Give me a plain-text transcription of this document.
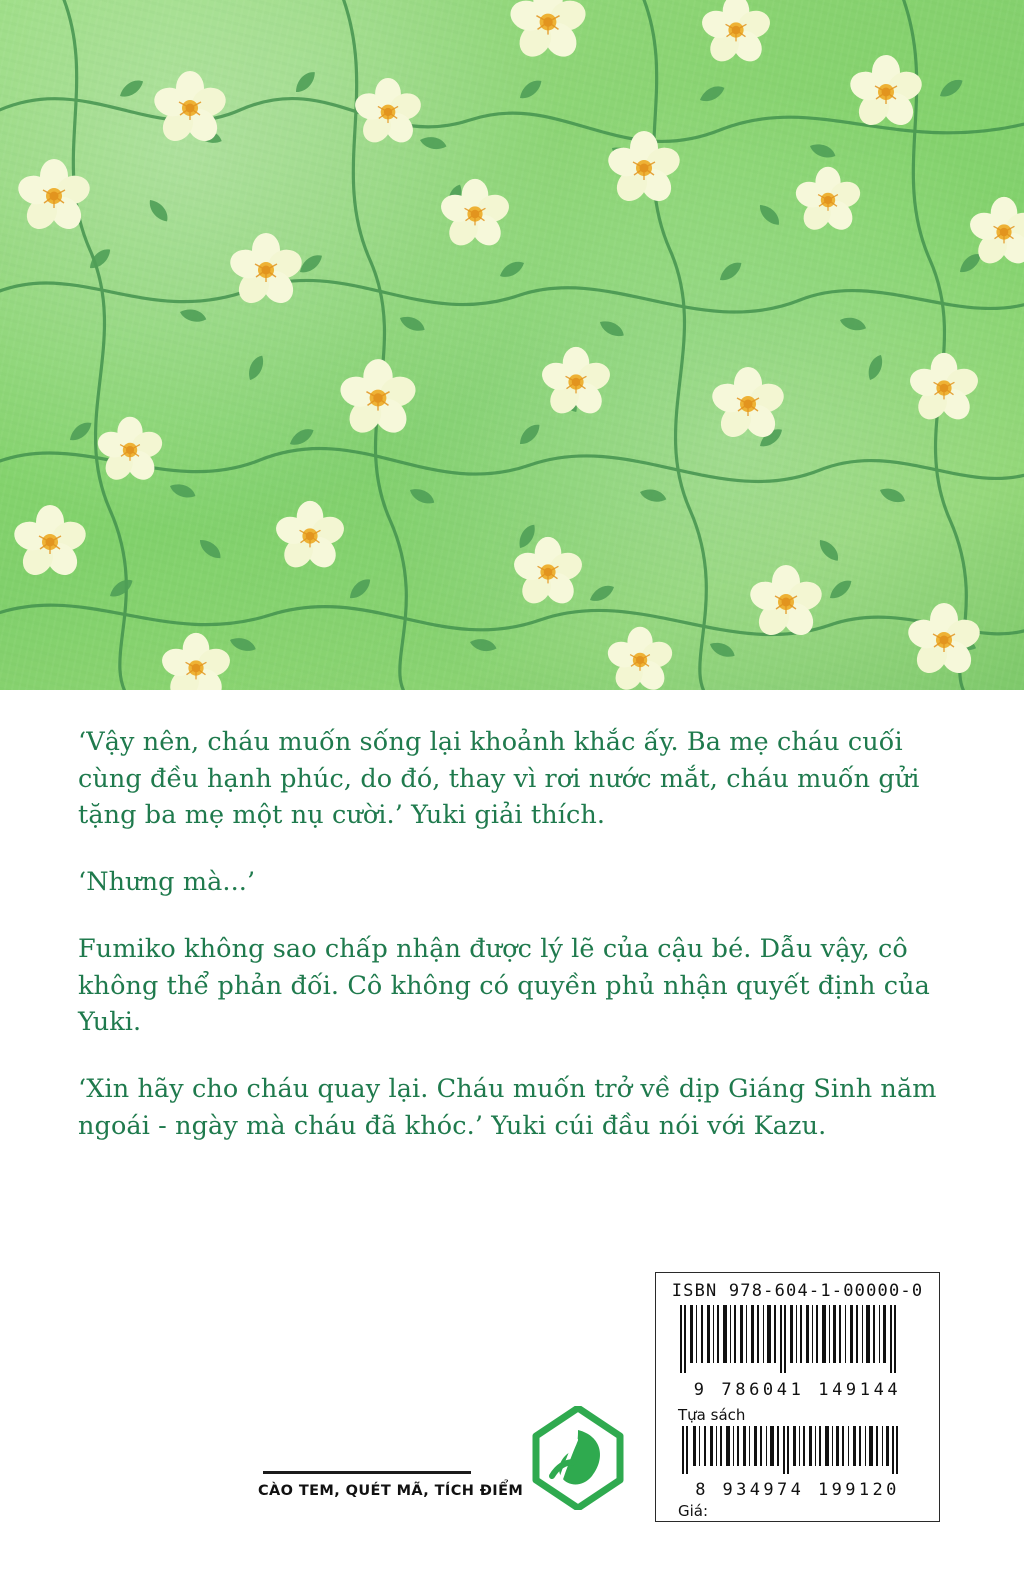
‘Vậy nên, cháu muốn sống lại khoảnh khắc ấy. Ba mẹ cháu cuối cùng đều hạnh phúc, do đó, thay vì rơi nước mắt, cháu muốn gửi tặng ba mẹ một nụ cười.’ Yuki giải thích.

‘Nhưng mà...’

Fumiko không sao chấp nhận được lý lẽ của cậu bé. Dẫu vậy, cô không thể phản đối. Cô không có quyền phủ nhận quyết định của Yuki.

‘Xin hãy cho cháu quay lại. Cháu muốn trở về dịp Giáng Sinh năm ngoái - ngày mà cháu đã khóc.’ Yuki cúi đầu nói với Kazu.

CÀO TEM, QUÉT MÃ, TÍCH ĐIỂM
ISBN 978-604-1-00000-0
9 786041 149144
Tựa sách
8 934974 199120
Giá:
